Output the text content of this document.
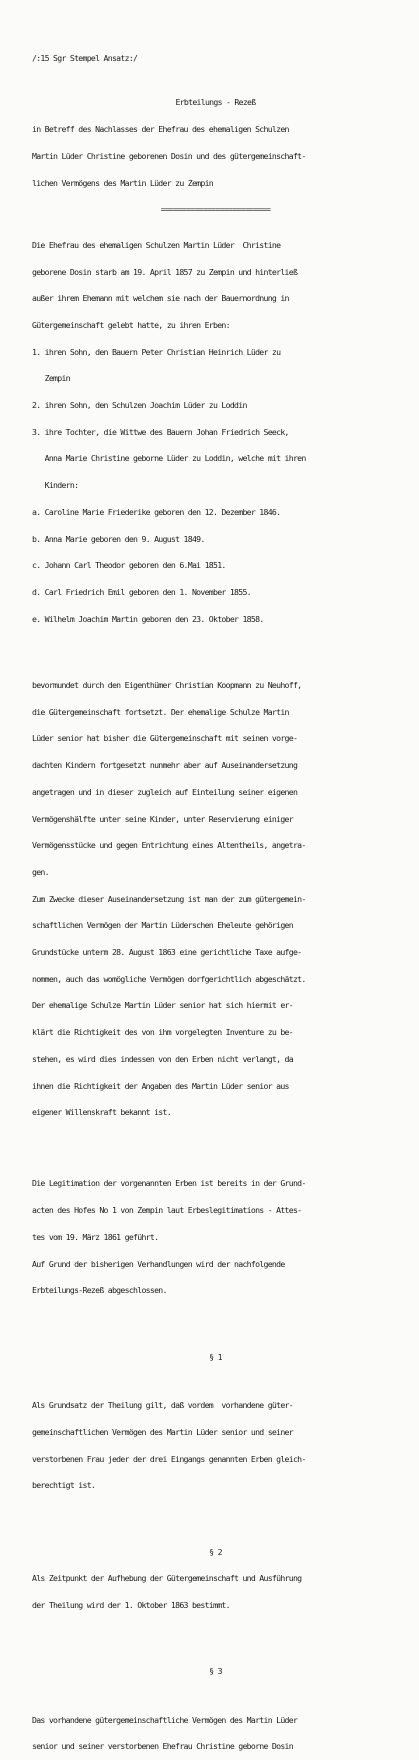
/:15 Sgr Stempel Ansatz:/

Erbteilungs - Rezeß

in Betreff des Nachlasses der Ehefrau des ehemaligen Schulzen

Martin Lüder Christine geborenen Dosin und des gütergemeinschaft-

lichen Vermögens des Martin Lüder zu Zempin

==========================

Die Ehefrau des ehemaligen Schulzen Martin Lüder  Christine

geborene Dosin starb am 19. April 1857 zu Zempin und hinterließ

außer ihrem Ehemann mit welchem sie nach der Bauernordnung in

Gütergemeinschaft gelebt hatte, zu ihren Erben:

1. ihren Sohn, den Bauern Peter Christian Heinrich Lüder zu

Zempin

2. ihren Sohn, den Schulzen Joachim Lüder zu Loddin

3. ihre Tochter, die Wittwe des Bauern Johan Friedrich Seeck,

Anna Marie Christine geborne Lüder zu Loddin, welche mit ihren

Kindern:

a. Caroline Marie Friederike geboren den 12. Dezember 1846.

b. Anna Marie geboren den 9. August 1849.

c. Johann Carl Theodor geboren den 6.Mai 1851.

d. Carl Friedrich Emil geboren den 1. November 1855.

e. Wilhelm Joachim Martin geboren den 23. Oktober 1858.

bevormundet durch den Eigenthümer Christian Koopmann zu Neuhoff,

die Gütergemeinschaft fortsetzt. Der ehemalige Schulze Martin

Lüder senior hat bisher die Gütergemeinschaft mit seinen vorge-

dachten Kindern fortgesetzt nunmehr aber auf Auseinandersetzung

angetragen und in dieser zugleich auf Einteilung seiner eigenen

Vermögenshälfte unter seine Kinder, unter Reservierung einiger

Vermögensstücke und gegen Entrichtung eines Altentheils, angetra-

gen.

Zum Zwecke dieser Auseinandersetzung ist man der zum gütergemein-

schaftlichen Vermögen der Martin Lüderschen Eheleute gehörigen

Grundstücke unterm 28. August 1863 eine gerichtliche Taxe aufge-

nommen, auch das womögliche Vermögen dorfgerichtlich abgeschätzt.

Der ehemalige Schulze Martin Lüder senior hat sich hiermit er-

klärt die Richtigkeit des von ihm vorgelegten Inventure zu be-

stehen, es wird dies indessen von den Erben nicht verlangt, da

ihnen die Richtigkeit der Angaben des Martin Lüder senior aus

eigener Willenskraft bekannt ist.

Die Legitimation der vorgenannten Erben ist bereits in der Grund-

acten des Hofes No 1 von Zempin laut Erbeslegitimations - Attes-

tes vom 19. März 1861 geführt.

Auf Grund der bisherigen Verhandlungen wird der nachfolgende

Erbteilungs-Rezeß abgeschlossen.

§ 1

Als Grundsatz der Theilung gilt, daß vordem  vorhandene güter-

gemeinschaftlichen Vermögen des Martin Lüder senior und seiner

verstorbenen Frau jeder der drei Eingangs genannten Erben gleich-

berechtigt ist.

§ 2

Als Zeitpunkt der Aufhebung der Gütergemeinschaft und Ausführung

der Theilung wird der 1. Oktober 1863 bestimmt.

§ 3

Das vorhandene gütergemeinschaftliche Vermögen des Martin Lüder

senior und seiner verstorbenen Ehefrau Christine geborne Dosin
